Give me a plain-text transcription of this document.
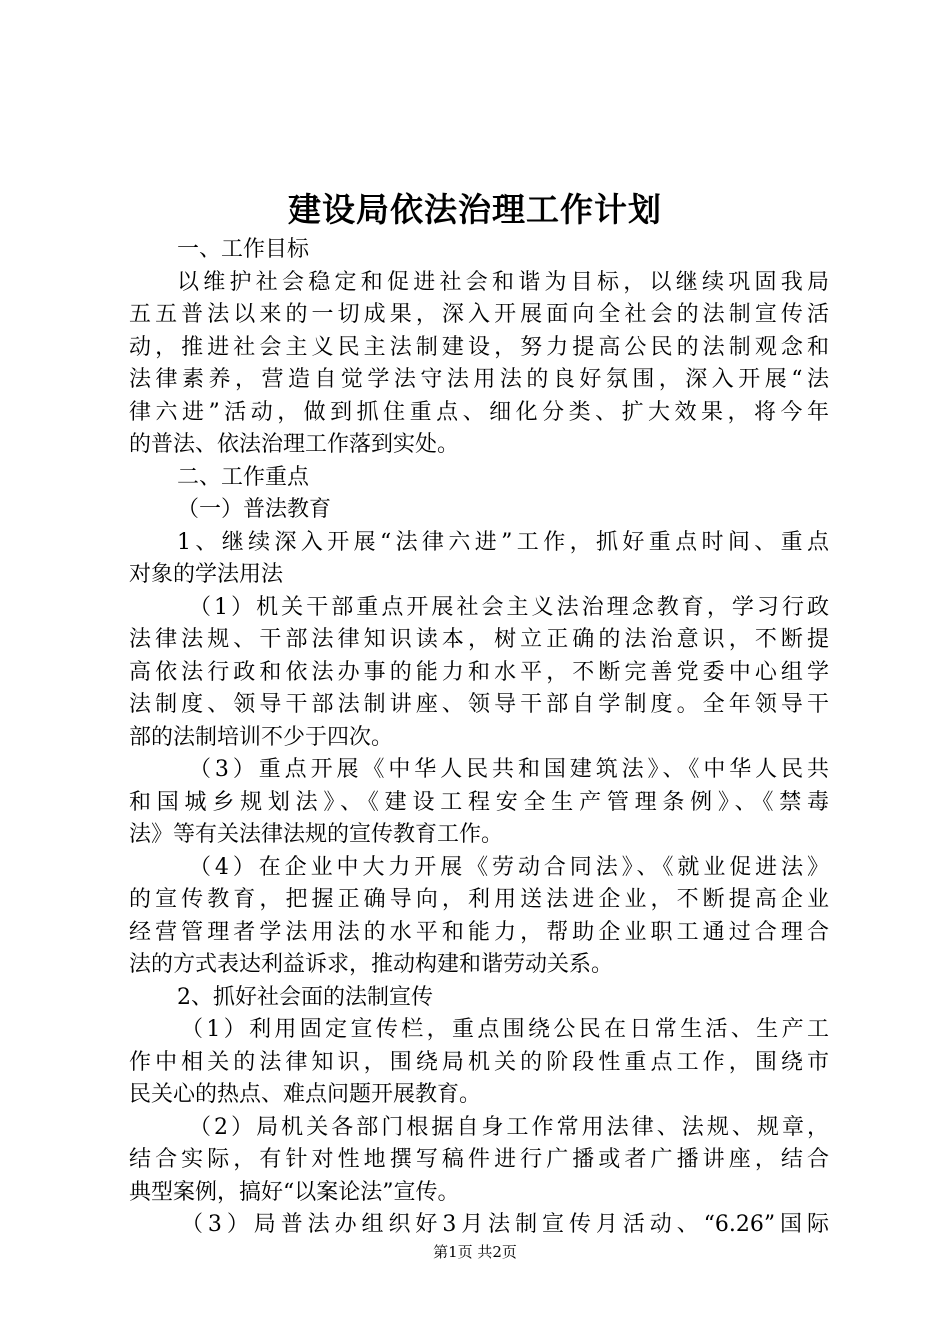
建设局依法治理工作计划
一、工作目标
以维护社会稳定和促进社会和谐为目标，以继续巩固我局
五五普法以来的一切成果，深入开展面向全社会的法制宣传活
动，推进社会主义民主法制建设，努力提高公民的法制观念和
法律素养，营造自觉学法守法用法的良好氛围，深入开展“法
律六进”活动，做到抓住重点、细化分类、扩大效果，将今年
的普法、依法治理工作落到实处。
二、工作重点
（一）普法教育
1、继续深入开展“法律六进”工作，抓好重点时间、重点
对象的学法用法
（1）机关干部重点开展社会主义法治理念教育，学习行政
法律法规、干部法律知识读本，树立正确的法治意识，不断提
高依法行政和依法办事的能力和水平，不断完善党委中心组学
法制度、领导干部法制讲座、领导干部自学制度。全年领导干
部的法制培训不少于四次。
（3）重点开展《中华人民共和国建筑法》、《中华人民共
和国城乡规划法》、《建设工程安全生产管理条例》、《禁毒
法》等有关法律法规的宣传教育工作。
（4）在企业中大力开展《劳动合同法》、《就业促进法》
的宣传教育，把握正确导向，利用送法进企业，不断提高企业
经营管理者学法用法的水平和能力，帮助企业职工通过合理合
法的方式表达利益诉求，推动构建和谐劳动关系。
2、抓好社会面的法制宣传
（1）利用固定宣传栏，重点围绕公民在日常生活、生产工
作中相关的法律知识，围绕局机关的阶段性重点工作，围绕市
民关心的热点、难点问题开展教育。
（2）局机关各部门根据自身工作常用法律、法规、规章，
结合实际，有针对性地撰写稿件进行广播或者广播讲座，结合
典型案例，搞好“以案论法”宣传。
（3）局普法办组织好3月法制宣传月活动、“6.26”国际
第1页 共2页
